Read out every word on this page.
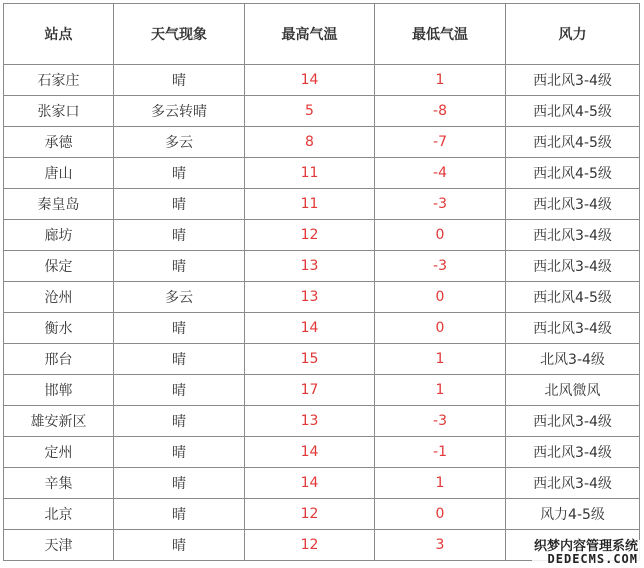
站点	天气现象	最高气温	最低气温	风力
石家庄	晴	14	1	西北风3-4级
张家口	多云转晴	5	-8	西北风4-5级
承德	多云	8	-7	西北风4-5级
唐山	晴	11	-4	西北风4-5级
秦皇岛	晴	11	-3	西北风3-4级
廊坊	晴	12	0	西北风3-4级
保定	晴	13	-3	西北风3-4级
沧州	多云	13	0	西北风4-5级
衡水	晴	14	0	西北风3-4级
邢台	晴	15	1	北风3-4级
邯郸	晴	17	1	北风微风
雄安新区	晴	13	-3	西北风3-4级
定州	晴	14	-1	西北风3-4级
辛集	晴	14	1	西北风3-4级
北京	晴	12	0	风力4-5级
天津	晴	12	3		织梦内容管理系统
DEDECMS.COM
